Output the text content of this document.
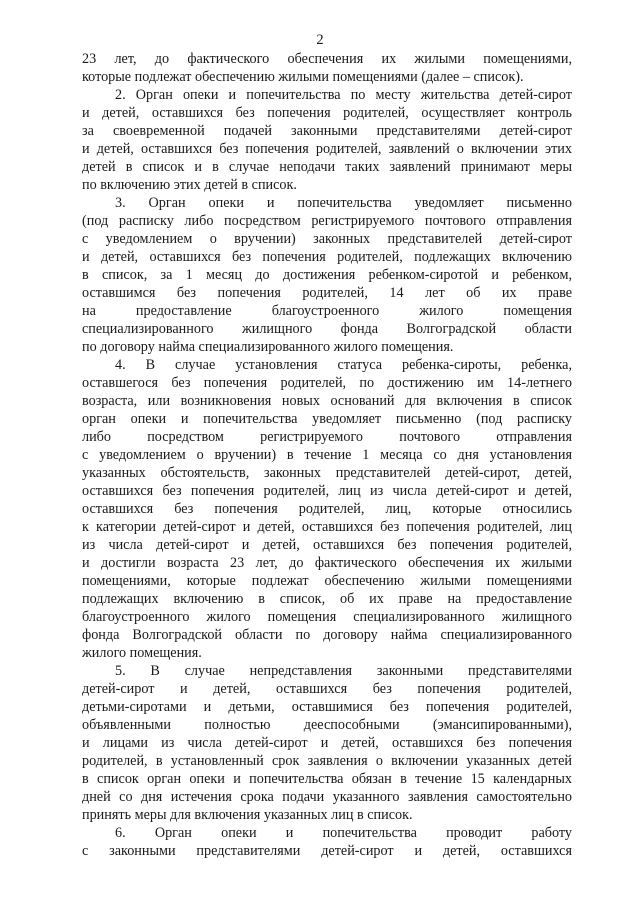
2
23 лет, до фактического обеспечения их жилыми помещениями,
которые подлежат обеспечению жилыми помещениями (далее – список).
2. Орган опеки и попечительства по месту жительства детей-сирот
и детей, оставшихся без попечения родителей, осуществляет контроль
за своевременной подачей законными представителями детей-сирот
и детей, оставшихся без попечения родителей, заявлений о включении этих
детей в список и в случае неподачи таких заявлений принимают меры
по включению этих детей в список.
3. Орган опеки и попечительства уведомляет письменно
(под расписку либо посредством регистрируемого почтового отправления
с уведомлением о вручении) законных представителей детей-сирот
и детей, оставшихся без попечения родителей, подлежащих включению
в список, за 1 месяц до достижения ребенком-сиротой и ребенком,
оставшимся без попечения родителей, 14 лет об их праве
на предоставление благоустроенного жилого помещения
специализированного жилищного фонда Волгоградской области
по договору найма специализированного жилого помещения.
4. В случае установления статуса ребенка-сироты, ребенка,
оставшегося без попечения родителей, по достижению им 14-летнего
возраста, или возникновения новых оснований для включения в список
орган опеки и попечительства уведомляет письменно (под расписку
либо посредством регистрируемого почтового отправления
с уведомлением о вручении) в течение 1 месяца со дня установления
указанных обстоятельств, законных представителей детей-сирот, детей,
оставшихся без попечения родителей, лиц из числа детей-сирот и детей,
оставшихся без попечения родителей, лиц, которые относились
к категории детей-сирот и детей, оставшихся без попечения родителей, лиц
из числа детей-сирот и детей, оставшихся без попечения родителей,
и достигли возраста 23 лет, до фактического обеспечения их жилыми
помещениями, которые подлежат обеспечению жилыми помещениями
подлежащих включению в список, об их праве на предоставление
благоустроенного жилого помещения специализированного жилищного
фонда Волгоградской области по договору найма специализированного
жилого помещения.
5. В случае непредставления законными представителями
детей-сирот и детей, оставшихся без попечения родителей,
детьми-сиротами и детьми, оставшимися без попечения родителей,
объявленными полностью дееспособными (эмансипированными),
и лицами из числа детей-сирот и детей, оставшихся без попечения
родителей, в установленный срок заявления о включении указанных детей
в список орган опеки и попечительства обязан в течение 15 календарных
дней со дня истечения срока подачи указанного заявления самостоятельно
принять меры для включения указанных лиц в список.
6. Орган опеки и попечительства проводит работу
с законными представителями детей-сирот и детей, оставшихся
